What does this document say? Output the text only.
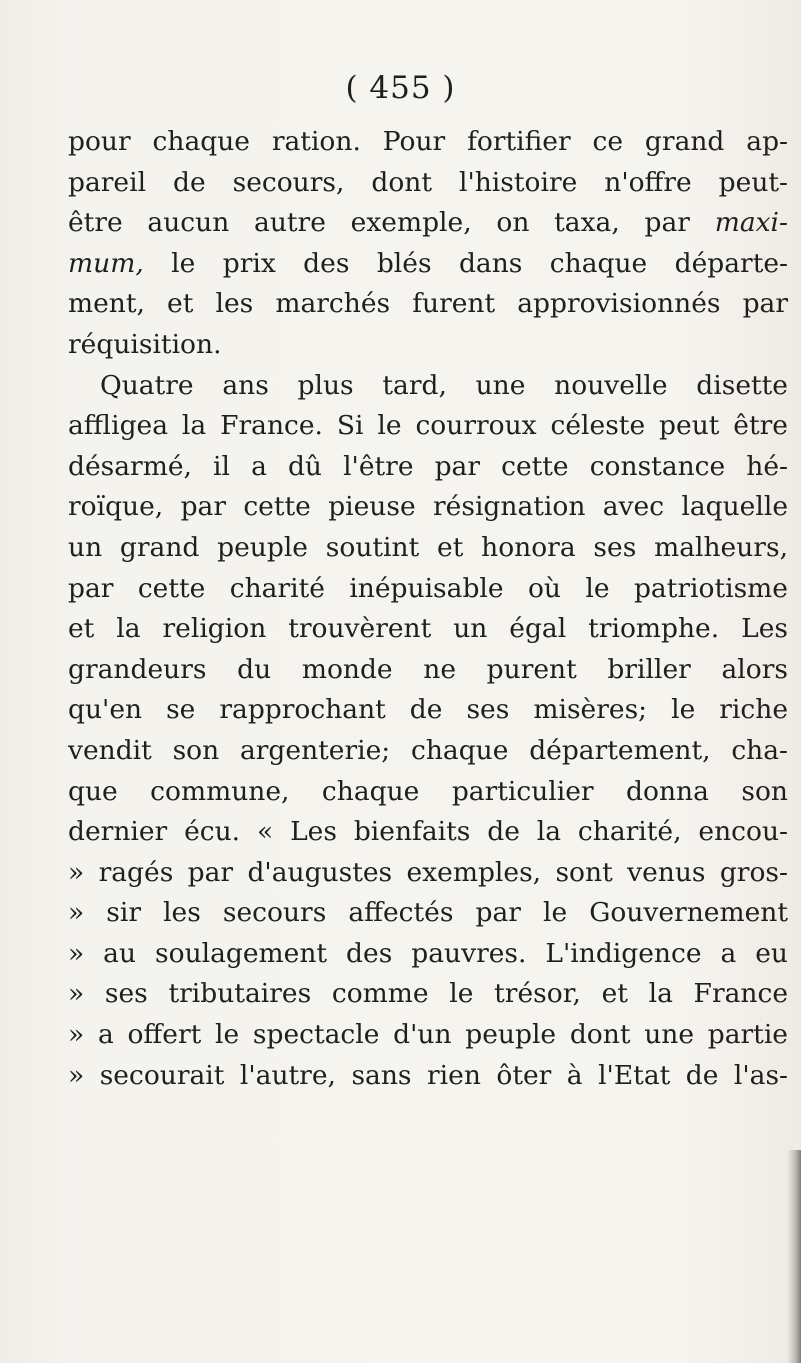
( 455 )
pour chaque ration. Pour fortifier ce grand ap-
pareil de secours, dont l'histoire n'offre peut-
être aucun autre exemple, on taxa, par maxi-
mum, le prix des blés dans chaque départe-
ment, et les marchés furent approvisionnés par
réquisition.
Quatre ans plus tard, une nouvelle disette
affligea la France. Si le courroux céleste peut être
désarmé, il a dû l'être par cette constance hé-
roïque, par cette pieuse résignation avec laquelle
un grand peuple soutint et honora ses malheurs,
par cette charité inépuisable où le patriotisme
et la religion trouvèrent un égal triomphe. Les
grandeurs du monde ne purent briller alors
qu'en se rapprochant de ses misères; le riche
vendit son argenterie; chaque département, cha-
que commune, chaque particulier donna son
dernier écu. « Les bienfaits de la charité, encou-
» ragés par d'augustes exemples, sont venus gros-
» sir les secours affectés par le Gouvernement
» au soulagement des pauvres. L'indigence a eu
» ses tributaires comme le trésor, et la France
» a offert le spectacle d'un peuple dont une partie
» secourait l'autre, sans rien ôter à l'Etat de l'as-
